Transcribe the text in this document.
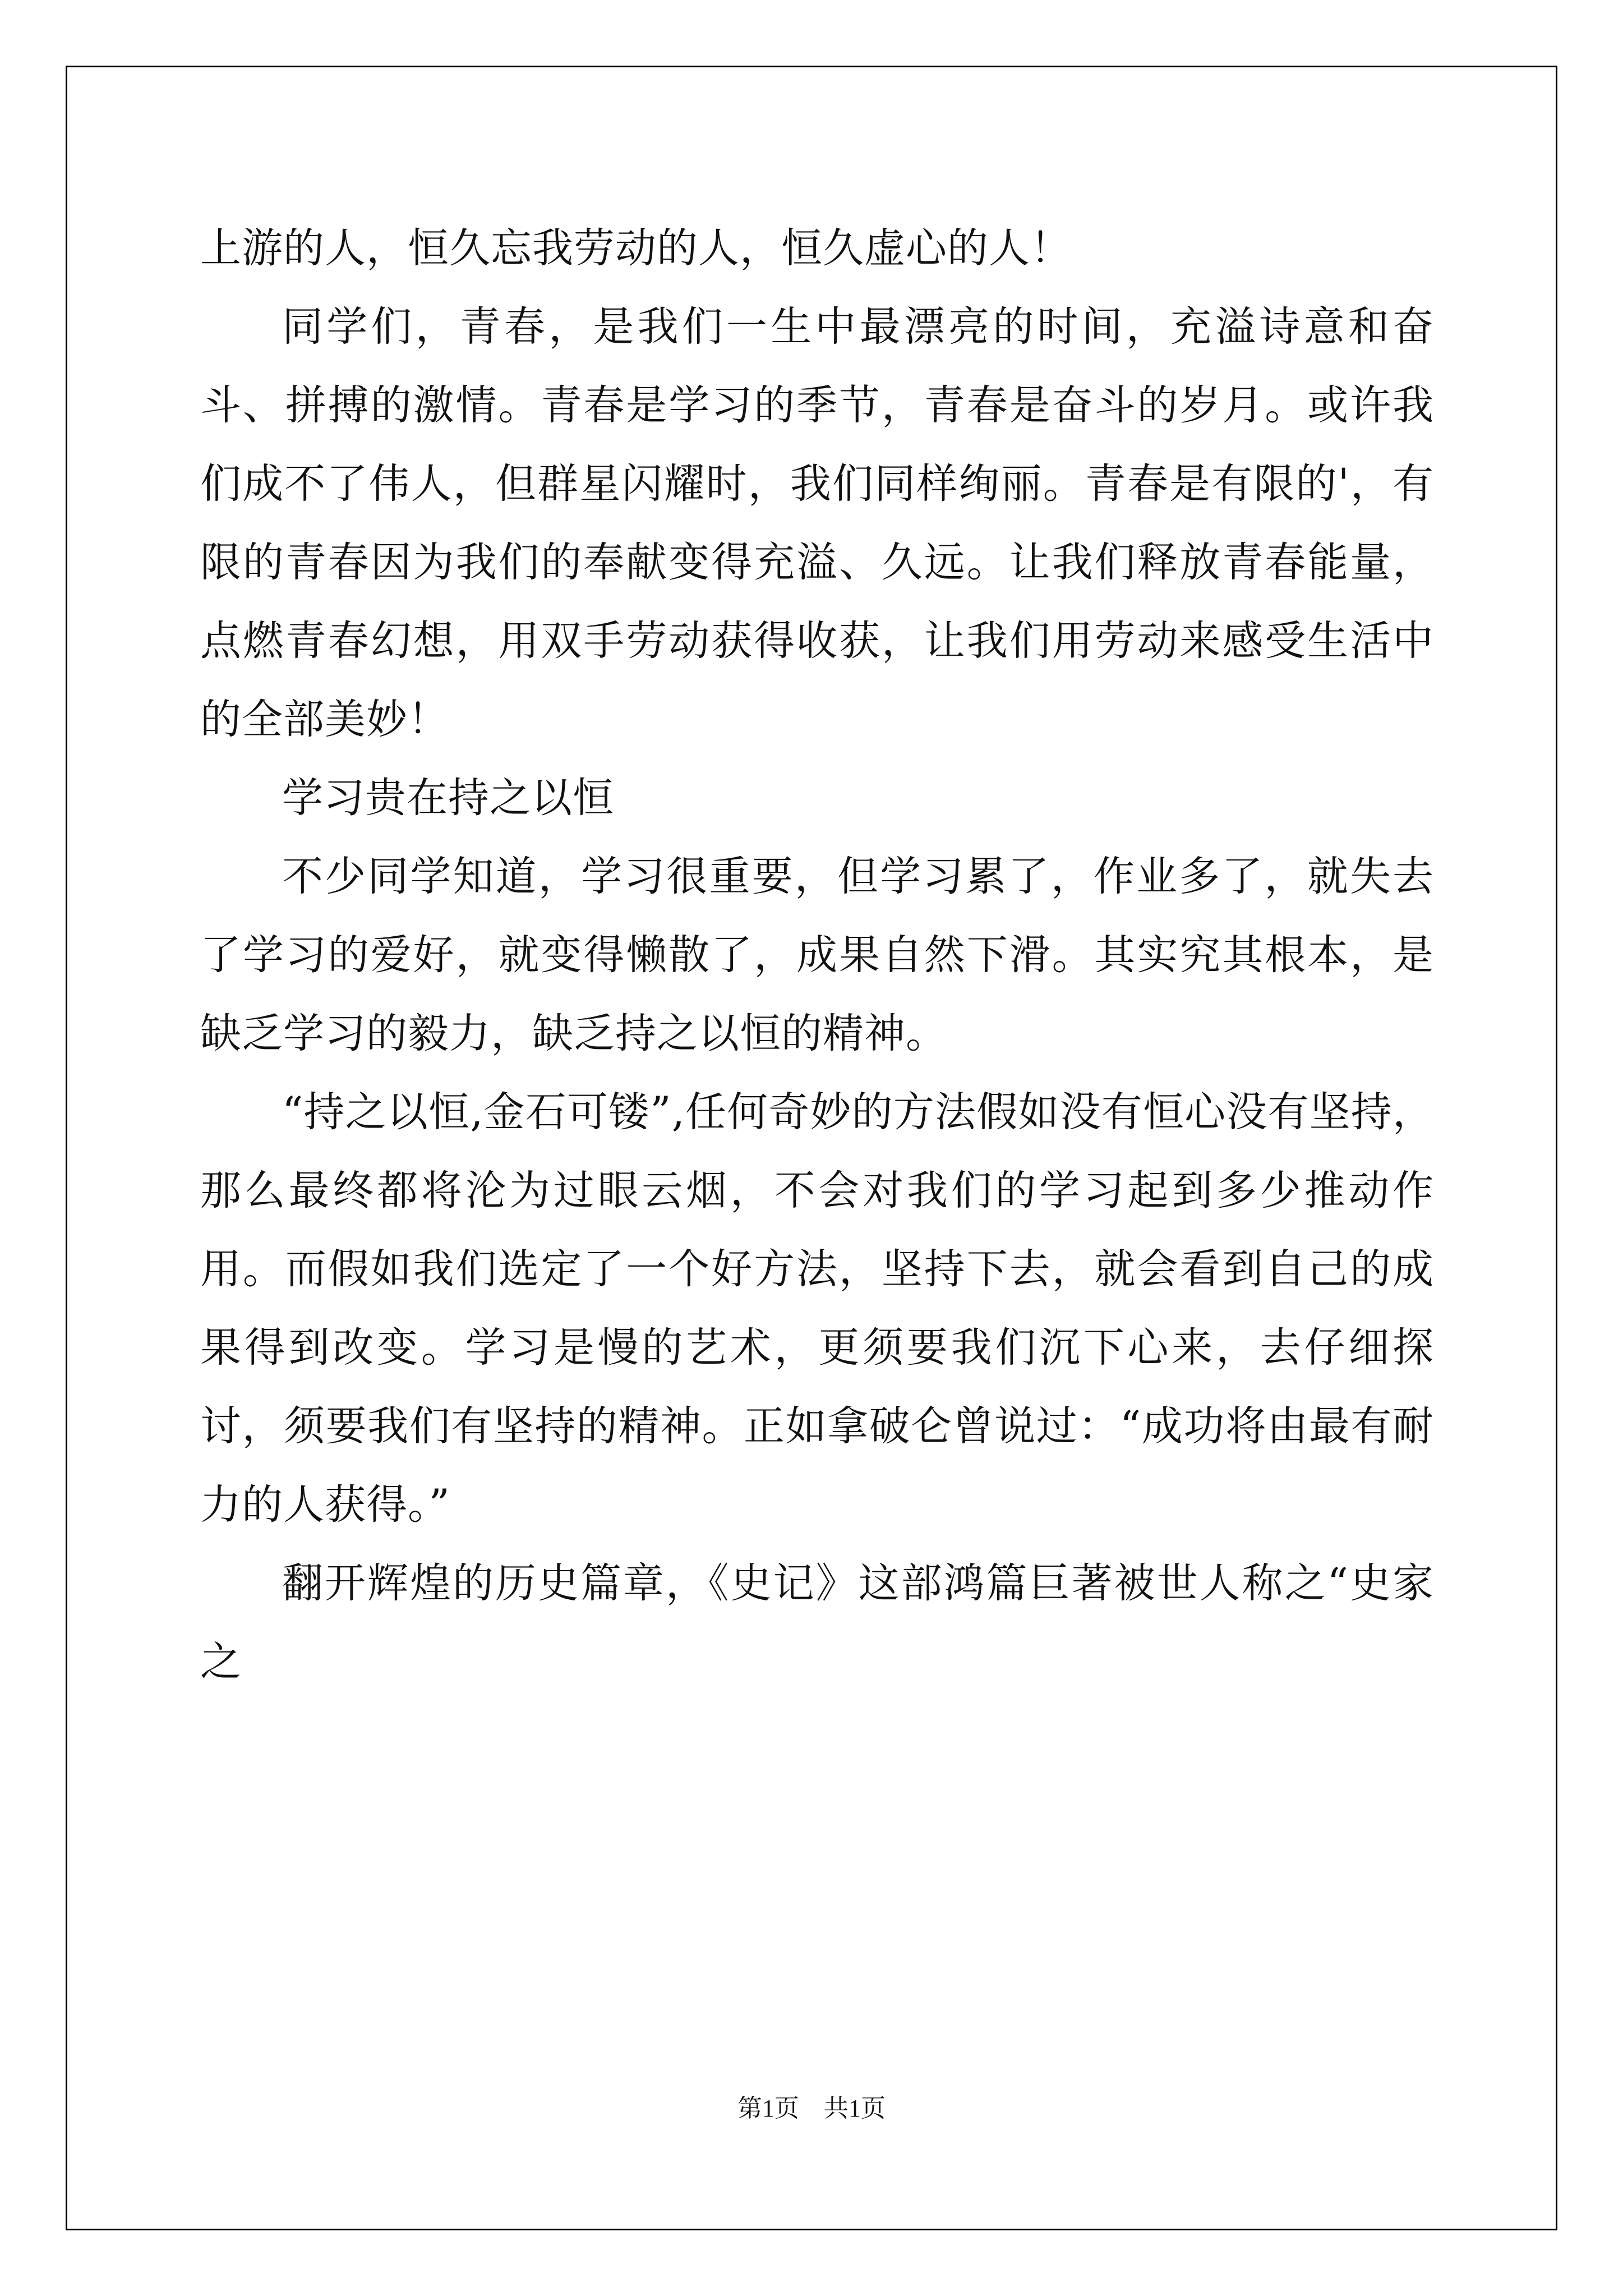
上游的人，恒久忘我劳动的人，恒久虚心的人！

同学们，青春，是我们一生中最漂亮的时间，充溢诗意和奋斗、拼搏的激情。青春是学习的季节，青春是奋斗的岁月。或许我们成不了伟人，但群星闪耀时，我们同样绚丽。青春是有限的'，有限的青春因为我们的奉献变得充溢、久远。让我们释放青春能量，点燃青春幻想，用双手劳动获得收获，让我们用劳动来感受生活中的全部美妙！

学习贵在持之以恒

不少同学知道，学习很重要，但学习累了，作业多了，就失去了学习的爱好，就变得懒散了，成果自然下滑。其实究其根本，是缺乏学习的毅力，缺乏持之以恒的精神。

“持之以恒,金石可镂”,任何奇妙的方法假如没有恒心没有坚持，那么最终都将沦为过眼云烟，不会对我们的学习起到多少推动作用。而假如我们选定了一个好方法，坚持下去，就会看到自己的成果得到改变。学习是慢的艺术，更须要我们沉下心来，去仔细探讨，须要我们有坚持的精神。正如拿破仑曾说过：“成功将由最有耐力的人获得。”

翻开辉煌的历史篇章，《史记》这部鸿篇巨著被世人称之“史家之

第1页　共1页
